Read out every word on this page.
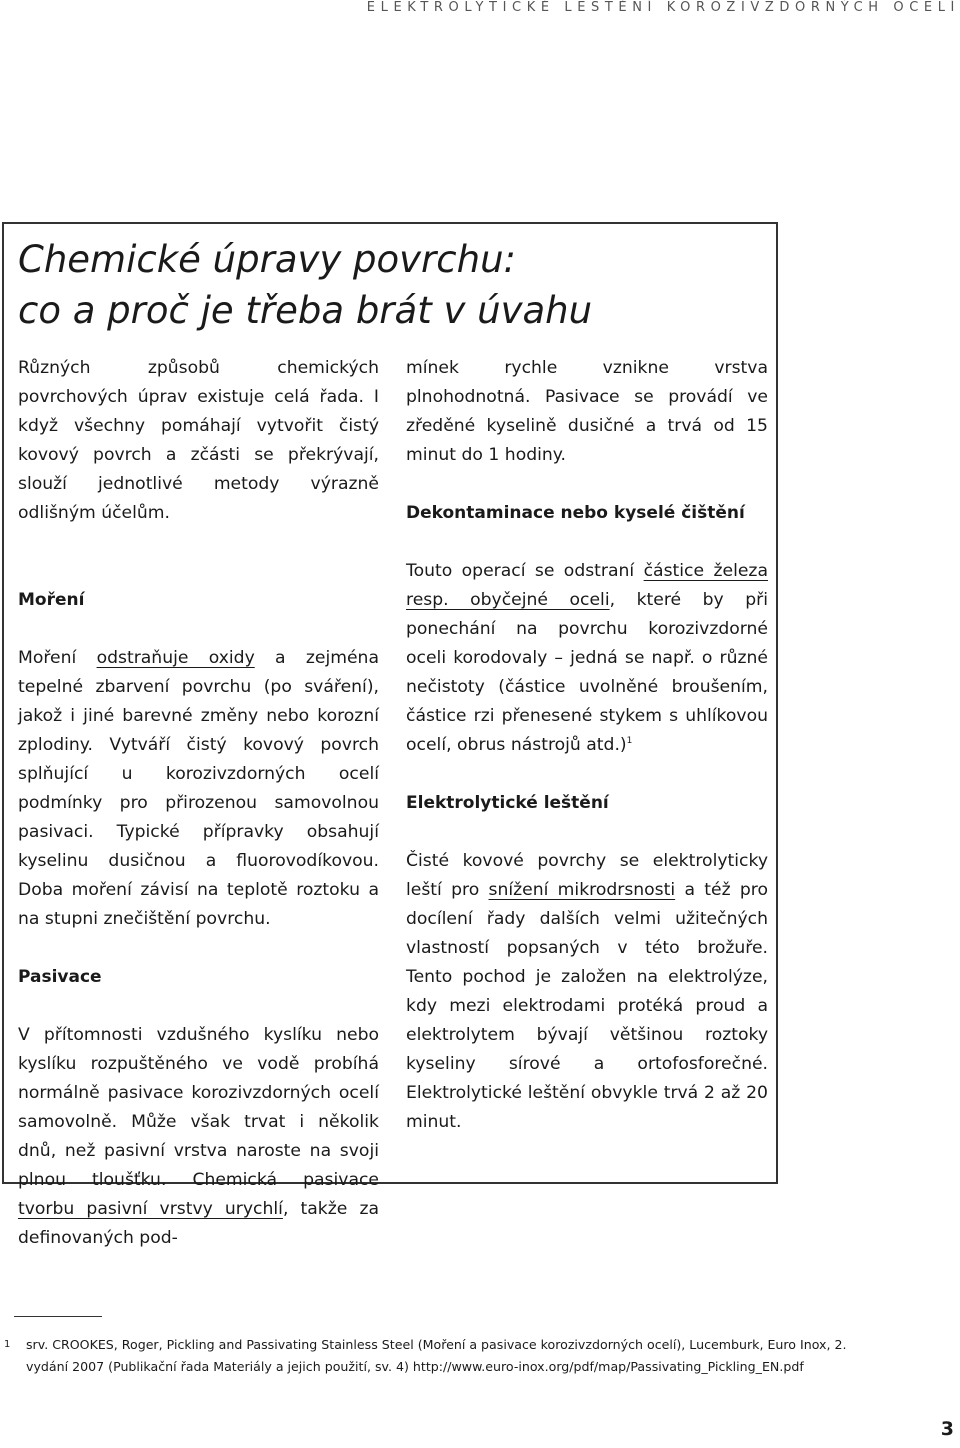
ELEKTROLYTICKÉ LEŠTĚNÍ KOROZIVZDORNÝCH OCELÍ
Chemické úpravy povrchu:
co a proč je třeba brát v úvahu

Různých způsobů chemických povrchových úprav existuje celá řada. I když všechny pomáhají vytvořit čistý kovový povrch a zčásti se překrývají, slouží jednotlivé metody výrazně odlišným účelům.

Moření

Moření odstraňuje oxidy a zejména tepelné zbarvení povrchu (po sváření), jakož i jiné barevné změny nebo korozní zplodiny. Vytváří čistý kovový povrch splňující u korozivzdorných ocelí podmínky pro přirozenou samovolnou pasivaci. Typické přípravky obsahují kyselinu dusičnou a fluorovodíkovou. Doba moření závisí na teplotě roztoku a na stupni znečištění povrchu.

Pasivace

V přítomnosti vzdušného kyslíku nebo kyslíku rozpuštěného ve vodě probíhá normálně pasivace korozivzdorných ocelí samovolně. Může však trvat i několik dnů, než pasivní vrstva naroste na svoji plnou tloušťku. Chemická pasivace tvorbu pasivní vrstvy urychlí, takže za definovaných pod-

mínek rychle vznikne vrstva plnohodnotná. Pasivace se provádí ve zředěné kyselině dusičné a trvá od 15 minut do 1 hodiny.

Dekontaminace nebo kyselé čištění

Touto operací se odstraní částice železa resp. obyčejné oceli, které by při ponechání na povrchu korozivzdorné oceli korodovaly – jedná se např. o různé nečistoty (částice uvolněné broušením, částice rzi přenesené stykem s uhlíkovou ocelí, obrus nástrojů atd.)$^1$

Elektrolytické leštění

Čisté kovové povrchy se elektrolyticky leští pro snížení mikrodrsnosti a též pro docílení řady dalších velmi užitečných vlastností popsaných v této brožuře. Tento pochod je založen na elektrolýze, kdy mezi elektrodami protéká proud a elektrolytem bývají většinou roztoky kyseliny sírové a ortofosforečné. Elektrolytické leštění obvykle trvá 2 až 20 minut.

1 srv. CROOKES, Roger, Pickling and Passivating Stainless Steel (Moření a pasivace korozivzdorných ocelí), Lucemburk, Euro Inox, 2.
vydání 2007 (Publikační řada Materiály a jejich použití, sv. 4) http://www.euro-inox.org/pdf/map/Passivating_Pickling_EN.pdf
3
